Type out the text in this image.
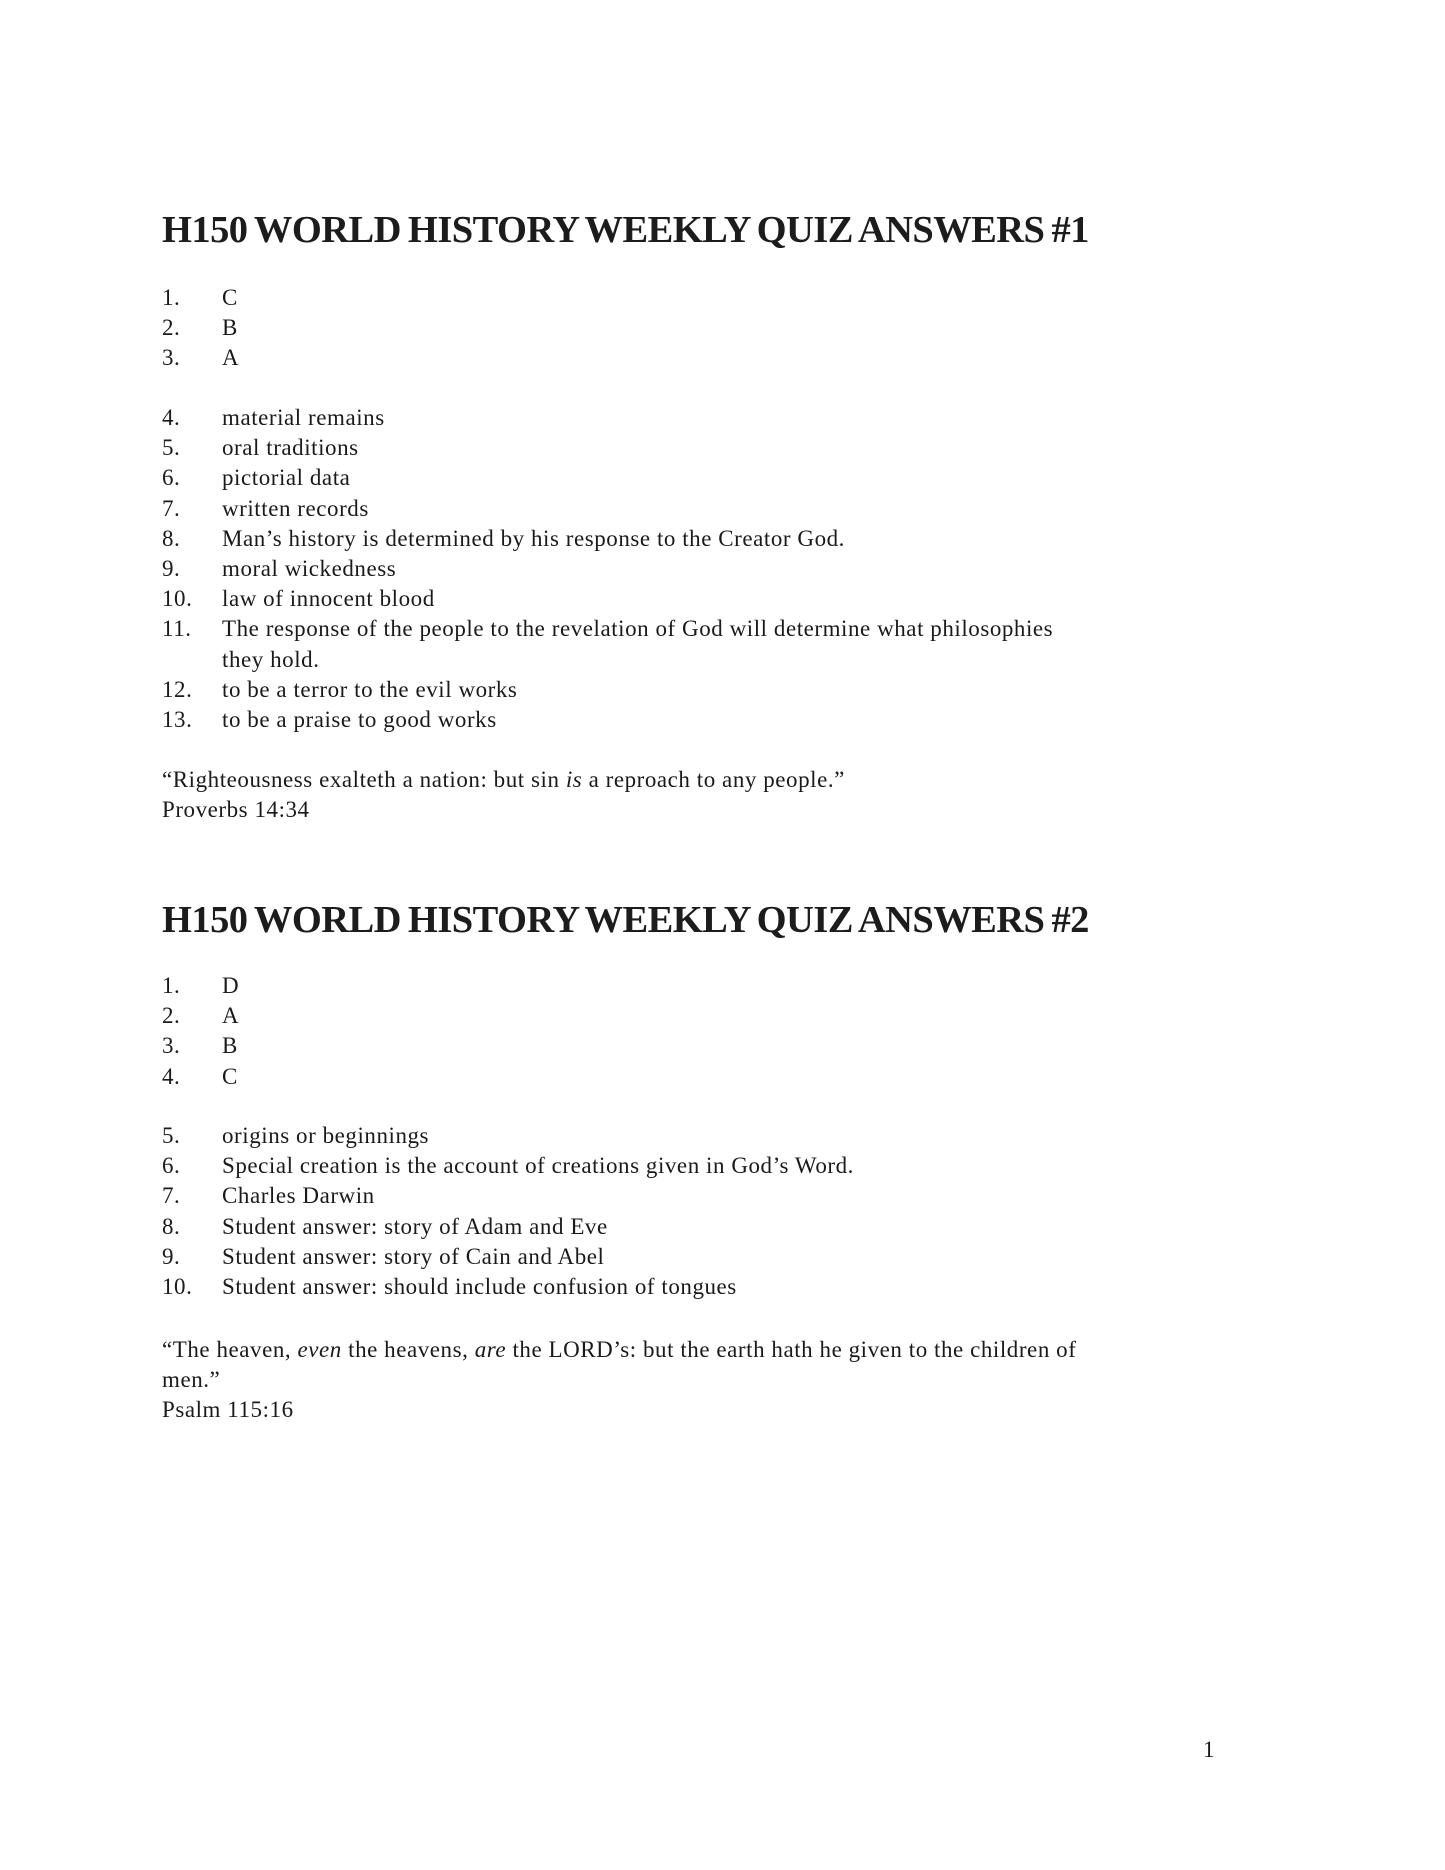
H150 WORLD HISTORY WEEKLY QUIZ ANSWERS #1
1. C
2. B
3. A
4. material remains
5. oral traditions
6. pictorial data
7. written records
8. Man’s history is determined by his response to the Creator God.
9. moral wickedness
10. law of innocent blood
11. The response of the people to the revelation of God will determine what philosophies
they hold.
12. to be a terror to the evil works
13. to be a praise to good works
“Righteousness exalteth a nation: but sin is a reproach to any people.”
Proverbs 14:34
H150 WORLD HISTORY WEEKLY QUIZ ANSWERS #2
1. D
2. A
3. B
4. C
5. origins or beginnings
6. Special creation is the account of creations given in God’s Word.
7. Charles Darwin
8. Student answer: story of Adam and Eve
9. Student answer: story of Cain and Abel
10. Student answer: should include confusion of tongues
“The heaven, even the heavens, are the LORD’s: but the earth hath he given to the children of
men.”
Psalm 115:16
1
